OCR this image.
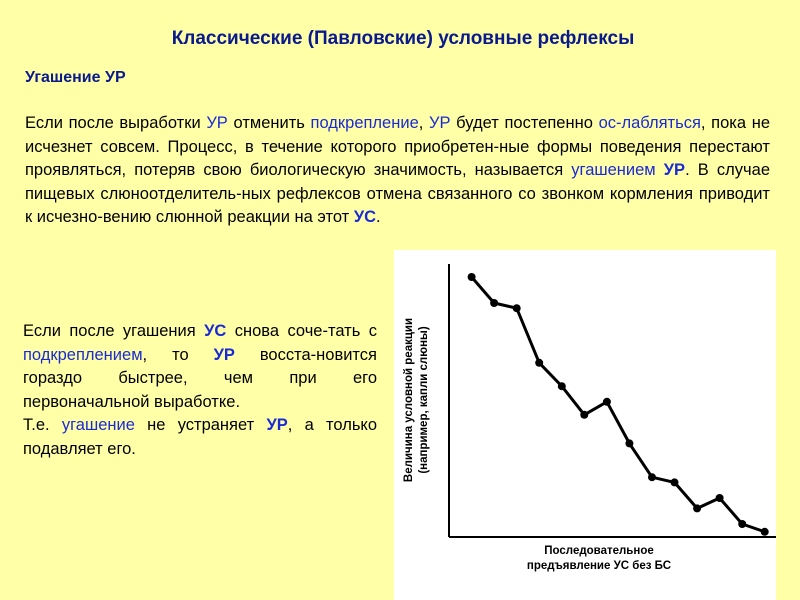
Классические (Павловские) условные рефлексы
Угашение УР
Если после выработки УР отменить подкрепление, УР будет постепенно ос-лабляться, пока не исчезнет совсем. Процесс, в течение которого приобретен-ные формы поведения перестают проявляться, потеряв свою биологическую значимость, называется угашением УР. В случае пищевых слюноотделитель-ных рефлексов отмена связанного со звонком кормления приводит к исчезно-вению слюнной реакции на этот УС.
Если после угашения УС снова соче-тать с подкреплением, то УР восста-новится гораздо быстрее, чем при его первоначальной выработке.
Т.е. угашение не устраняет УР, а только подавляет его.	Величина условной реакции (например, капли слюны)
Последовательное
предъявление УС без БС
